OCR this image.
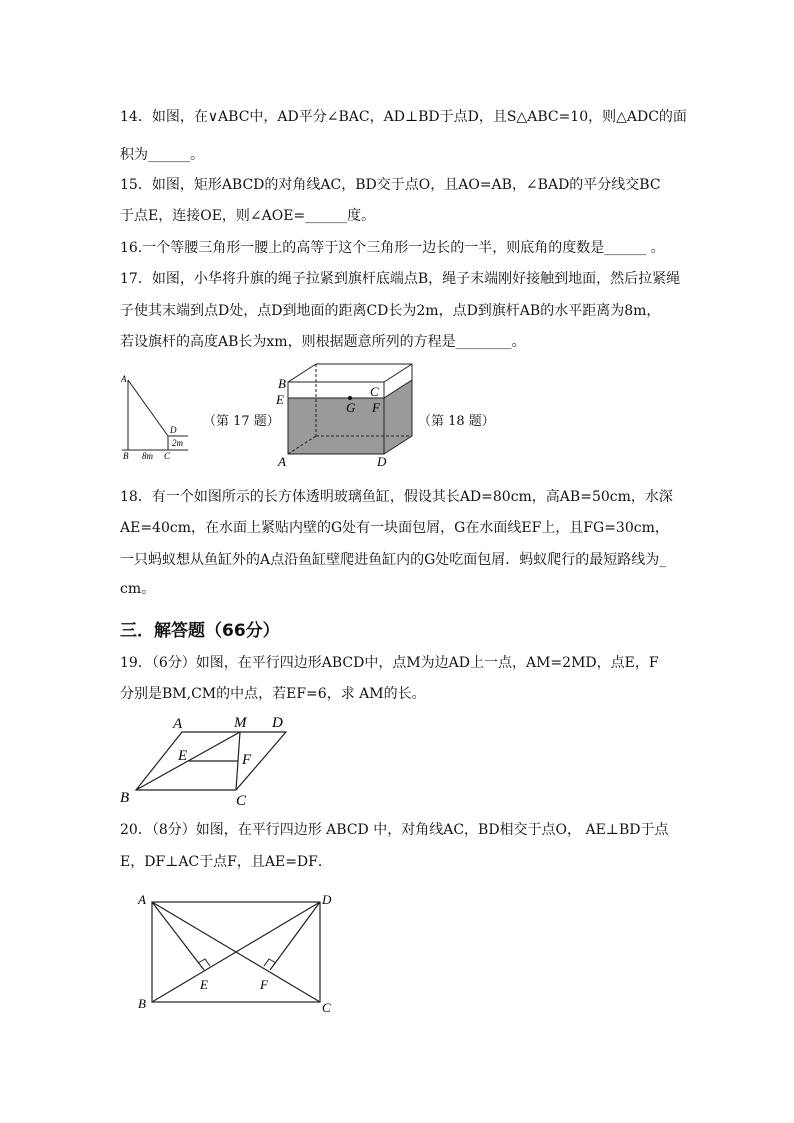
14．如图，在∨ABC中，AD平分∠BAC，AD⊥BD于点D，且S△ABC=10，则△ADC的面
积为______。
15．如图，矩形ABCD的对角线AC，BD交于点O，且AO=AB，∠BAD的平分线交BC
于点E，连接OE，则∠AOE=______度。
16.一个等腰三角形一腰上的高等于这个三角形一边长的一半，则底角的度数是______ 。
17．如图，小华将升旗的绳子拉紧到旗杆底端点B，绳子末端刚好接触到地面，然后拉紧绳
子使其末端到点D处，点D到地面的距离CD长为2m，点D到旗杆AB的水平距离为8m，
若设旗杆的高度AB长为xm，则根据题意所列的方程是________。
A
B	C
D
8m
2m
（第 17 题）
B
E
A	D
C
G F
（第 18 题）
18．有一个如图所示的长方体透明玻璃鱼缸，假设其长AD=80cm，高AB=50cm，水深
AE=40cm，在水面上紧贴内壁的G处有一块面包屑，G在水面线EF上，且FG=30cm，
一只蚂蚁想从鱼缸外的A点沿鱼缸壁爬进鱼缸内的G处吃面包屑．蚂蚁爬行的最短路线为_
cm。
三．解答题（66分）
19．（6分）如图，在平行四边形ABCD中，点M为边AD上一点，AM=2MD，点E，F
分别是BM,CM的中点，若EF=6，求 AM的长。
A	M D
E	F
B	C
20．（8分）如图，在平行四边形 ABCD 中，对角线AC，BD相交于点O， AE⊥BD于点
E，DF⊥AC于点F，且AE=DF．
A	D
B	C
E	F
